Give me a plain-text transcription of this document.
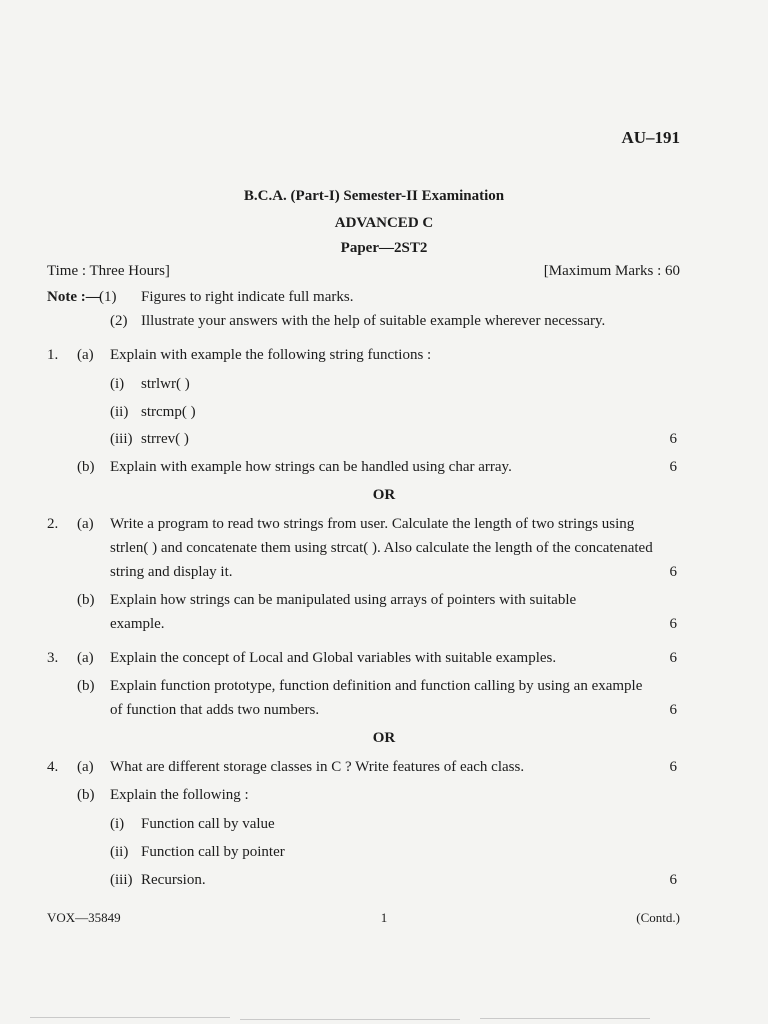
AU–191
B.C.A. (Part-I) Semester-II Examination
ADVANCED C
Paper—2ST2
Time : Three Hours]	[Maximum Marks : 60
Note :—
(1) Figures to right indicate full marks.
(2) Illustrate your answers with the help of suitable example wherever necessary.
1. (a) Explain with example the following string functions :
(i) strlwr( )
(ii) strcmp( )
(iii) strrev( )	6
(b) Explain with example how strings can be handled using char array.	6
OR
2. (a) Write a program to read two strings from user. Calculate the length of two strings using
strlen( ) and concatenate them using strcat( ). Also calculate the length of the concatenated
string and display it.	6
(b) Explain how strings can be manipulated using arrays of pointers with suitable
example.	6
3. (a) Explain the concept of Local and Global variables with suitable examples.	6
(b) Explain function prototype, function definition and function calling by using an example
of function that adds two numbers.	6
OR
4. (a) What are different storage classes in C ? Write features of each class.	6
(b) Explain the following :
(i) Function call by value
(ii) Function call by pointer
(iii) Recursion.	6
VOX—35849	1	(Contd.)
